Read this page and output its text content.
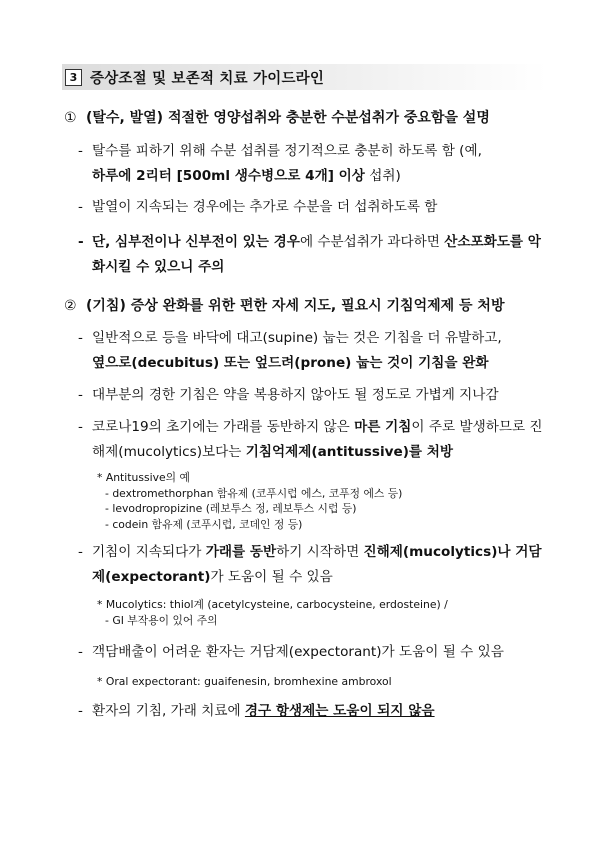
3 증상조절 및 보존적 치료 가이드라인
① (탈수, 발열) 적절한 영양섭취와 충분한 수분섭취가 중요함을 설명
- 탈수를 피하기 위해 수분 섭취를 정기적으로 충분히 하도록 함 (예,
하루에 2리터 [500ml 생수병으로 4개] 이상 섭취)
- 발열이 지속되는 경우에는 추가로 수분을 더 섭취하도록 함
- 단, 심부전이나 신부전이 있는 경우에 수분섭취가 과다하면 산소포화도를 악화시킬 수 있으니 주의
② (기침) 증상 완화를 위한 편한 자세 지도, 필요시 기침억제제 등 처방
- 일반적으로 등을 바닥에 대고(supine) 눕는 것은 기침을 더 유발하고,
옆으로(decubitus) 또는 엎드려(prone) 눕는 것이 기침을 완화
- 대부분의 경한 기침은 약을 복용하지 않아도 될 정도로 가볍게 지나감
- 코로나19의 초기에는 가래를 동반하지 않은 마른 기침이 주로 발생하므로 진해제(mucolytics)보다는 기침억제제(antitussive)를 처방
* Antitussive의 예
- dextromethorphan 함유제 (코푸시럽 에스, 코푸정 에스 등)
- levodropropizine (레보투스 정, 레보투스 시럽 등)
- codein 함유제 (코푸시럽, 코데인 정 등)
- 기침이 지속되다가 가래를 동반하기 시작하면 진해제(mucolytics)나 거담제(expectorant)가 도움이 될 수 있음
* Mucolytics: thiol계 (acetylcysteine, carbocysteine, erdosteine) /
- GI 부작용이 있어 주의
- 객담배출이 어려운 환자는 거담제(expectorant)가 도움이 될 수 있음
* Oral expectorant: guaifenesin, bromhexine ambroxol
- 환자의 기침, 가래 치료에 경구 항생제는 도움이 되지 않음
